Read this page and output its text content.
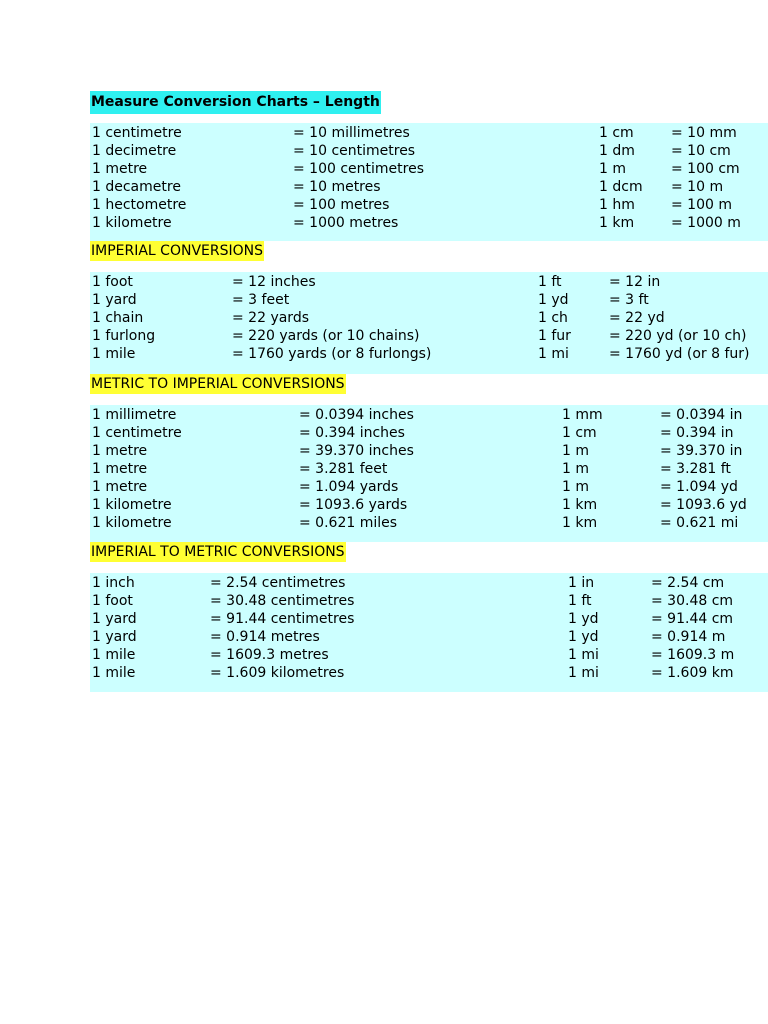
Measure Conversion Charts – Length
1 centimetre	= 10 millimetres	1 cm	= 10 mm
1 decimetre	= 10 centimetres	1 dm	= 10 cm
1 metre	= 100 centimetres	1 m	= 100 cm
1 decametre	= 10 metres	1 dcm = 10 m
1 hectometre	= 100 metres	1 hm	= 100 m
1 kilometre	= 1000 metres	1 km	= 1000 m
IMPERIAL CONVERSIONS
1 foot	= 12 inches	1 ft	= 12 in
1 yard	= 3 feet	1 yd	= 3 ft
1 chain	= 22 yards	1 ch	= 22 yd
1 furlong	= 220 yards (or 10 chains)	1 fur	= 220 yd (or 10 ch)
1 mile	= 1760 yards (or 8 furlongs)	1 mi	= 1760 yd (or 8 fur)
METRIC TO IMPERIAL CONVERSIONS
1 millimetre	= 0.0394 inches	1 mm	= 0.0394 in
1 centimetre	= 0.394 inches	1 cm	= 0.394 in
1 metre	= 39.370 inches	1 m	= 39.370 in
1 metre	= 3.281 feet	1 m	= 3.281 ft
1 metre	= 1.094 yards	1 m	= 1.094 yd
1 kilometre	= 1093.6 yards	1 km	= 1093.6 yd
1 kilometre	= 0.621 miles	1 km	= 0.621 mi
IMPERIAL TO METRIC CONVERSIONS
1 inch	= 2.54 centimetres	1 in	= 2.54 cm
1 foot	= 30.48 centimetres	1 ft	= 30.48 cm
1 yard	= 91.44 centimetres	1 yd	= 91.44 cm
1 yard	= 0.914 metres	1 yd	= 0.914 m
1 mile	= 1609.3 metres	1 mi	= 1609.3 m
1 mile	= 1.609 kilometres	1 mi	= 1.609 km
